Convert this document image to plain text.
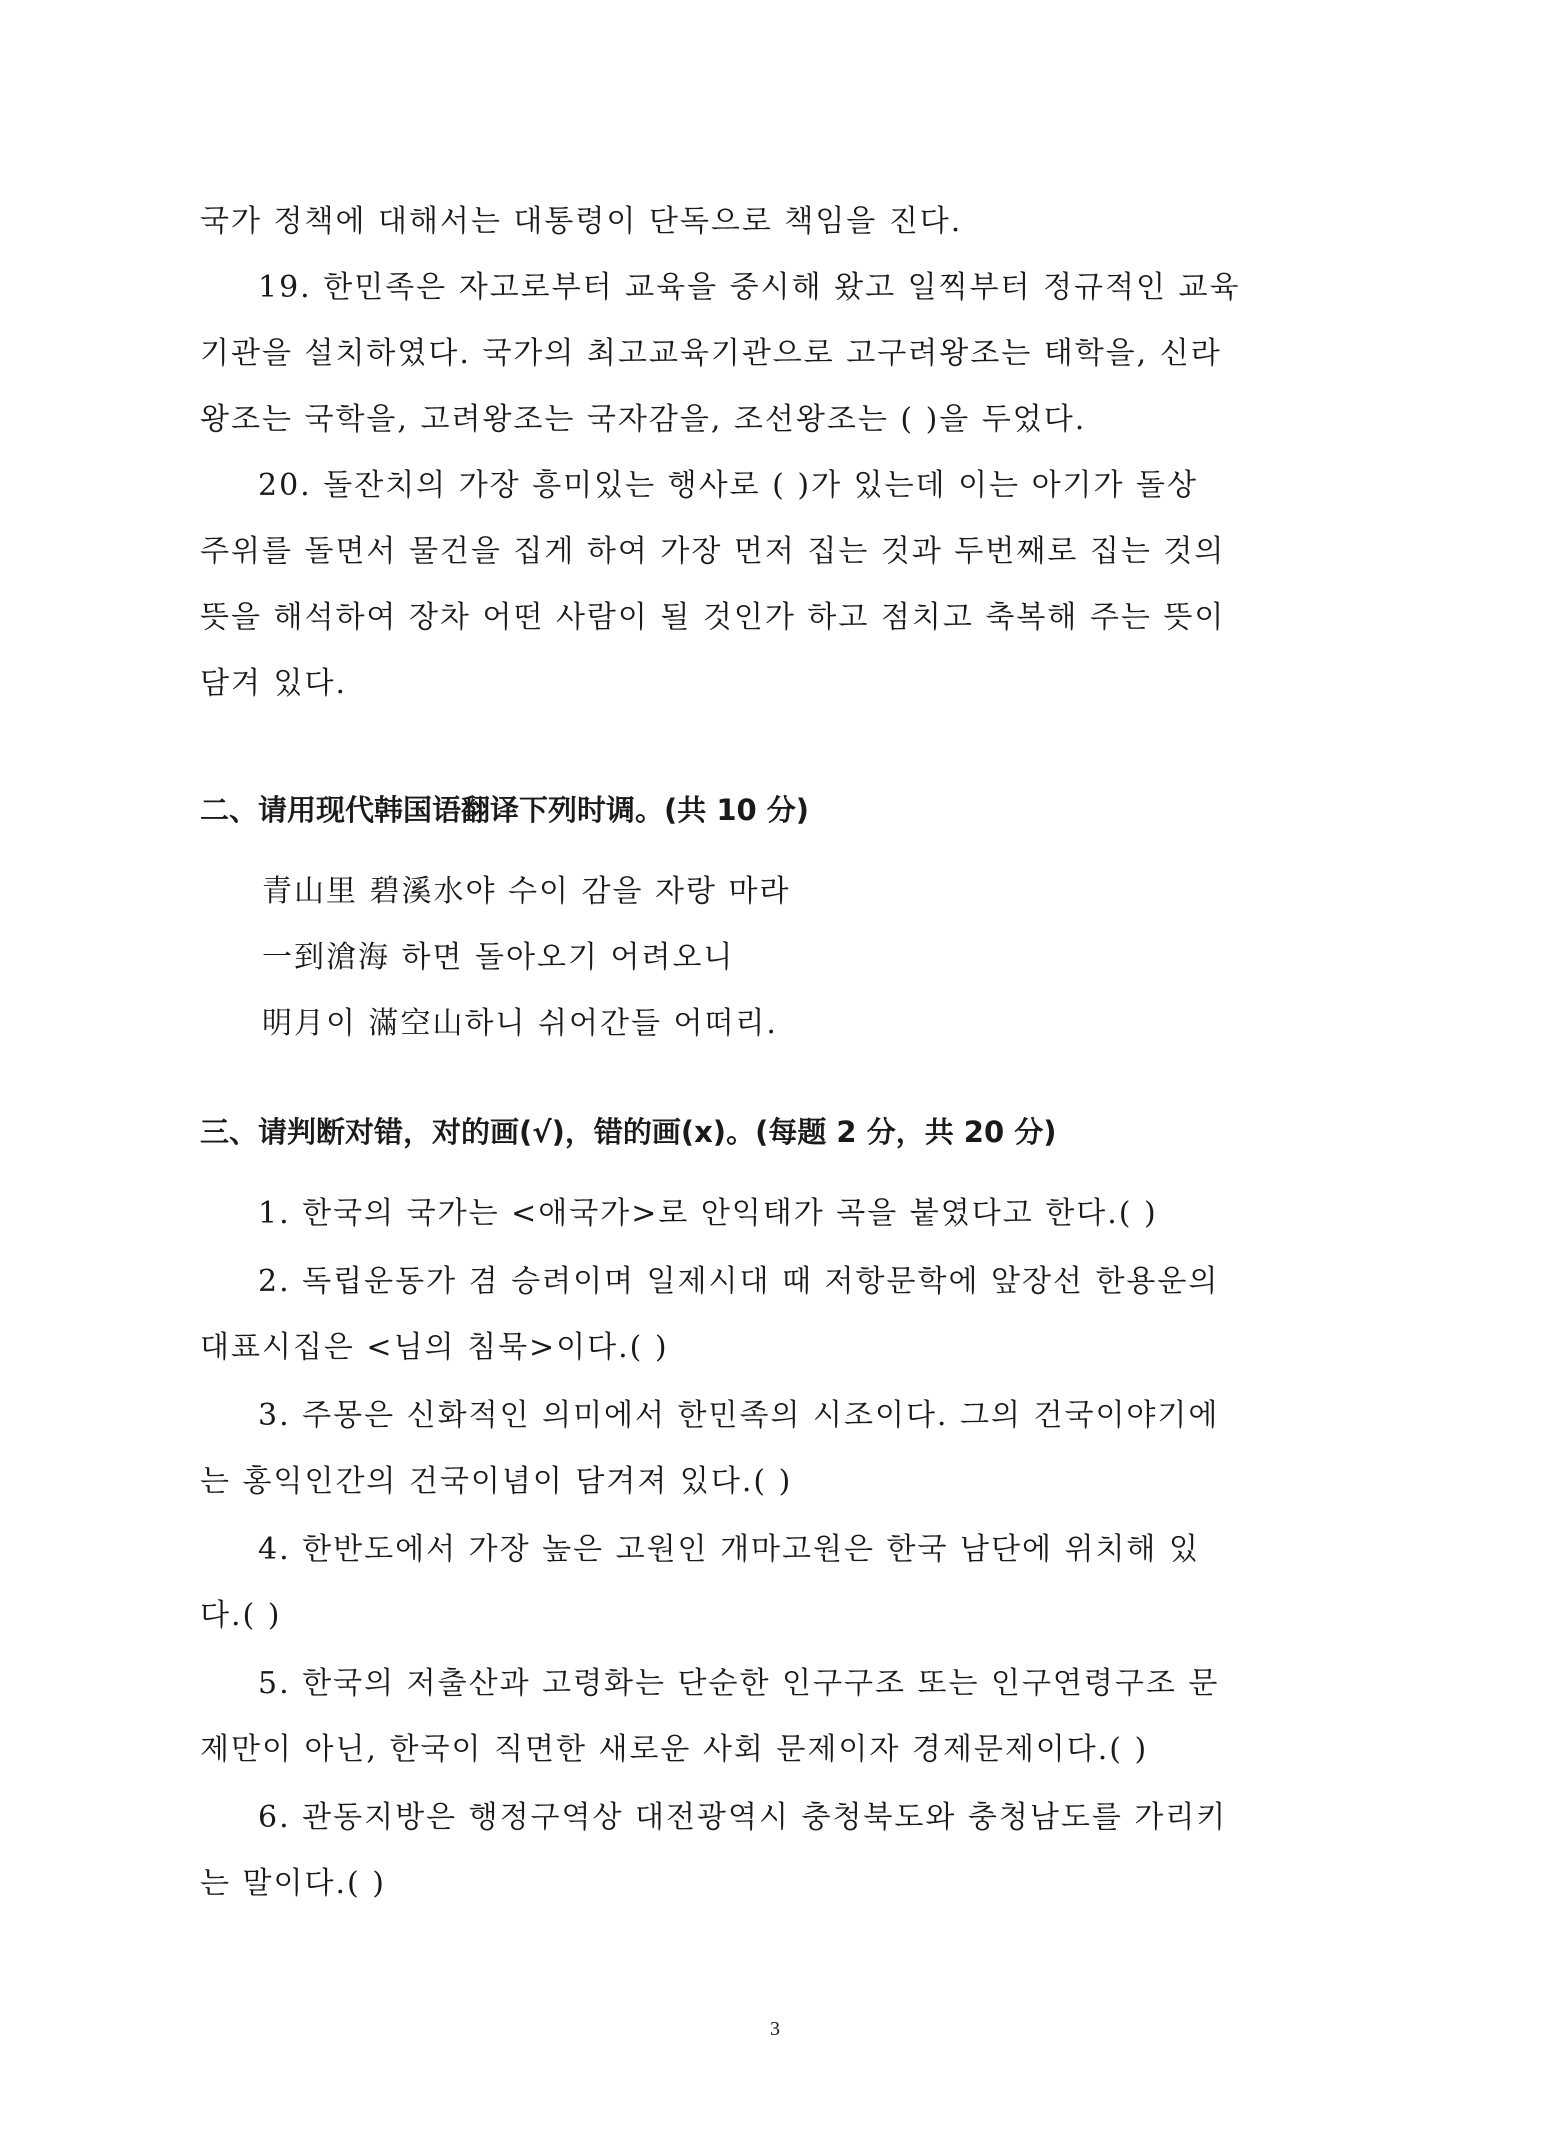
국가 정책에 대해서는 대통령이 단독으로 책임을 진다.
19. 한민족은 자고로부터 교육을 중시해 왔고 일찍부터 정규적인 교육
기관을 설치하였다. 국가의 최고교육기관으로 고구려왕조는 태학을, 신라
왕조는 국학을, 고려왕조는 국자감을, 조선왕조는 ( )을 두었다.
20. 돌잔치의 가장 흥미있는 행사로 ( )가 있는데 이는 아기가 돌상
주위를 돌면서 물건을 집게 하여 가장 먼저 집는 것과 두번째로 집는 것의
뜻을 해석하여 장차 어떤 사람이 될 것인가 하고 점치고 축복해 주는 뜻이
담겨 있다.
二、请用现代韩国语翻译下列时调。(共 10 分)
青山里 碧溪水야 수이 감을 자랑 마라
一到滄海 하면 돌아오기 어려오니
明月이 滿空山하니 쉬어간들 어떠리.
三、请判断对错，对的画(√)，错的画(x)。(每题 2 分，共 20 分)
1. 한국의 국가는 <애국가>로 안익태가 곡을 붙였다고 한다.( )
2. 독립운동가 겸 승려이며 일제시대 때 저항문학에 앞장선 한용운의
대표시집은 <님의 침묵>이다.( )
3. 주몽은 신화적인 의미에서 한민족의 시조이다. 그의 건국이야기에
는 홍익인간의 건국이념이 담겨져 있다.( )
4. 한반도에서 가장 높은 고원인 개마고원은 한국 남단에 위치해 있
다.( )
5. 한국의 저출산과 고령화는 단순한 인구구조 또는 인구연령구조 문
제만이 아닌, 한국이 직면한 새로운 사회 문제이자 경제문제이다.( )
6. 관동지방은 행정구역상 대전광역시 충청북도와 충청남도를 가리키
는 말이다.( )
3
